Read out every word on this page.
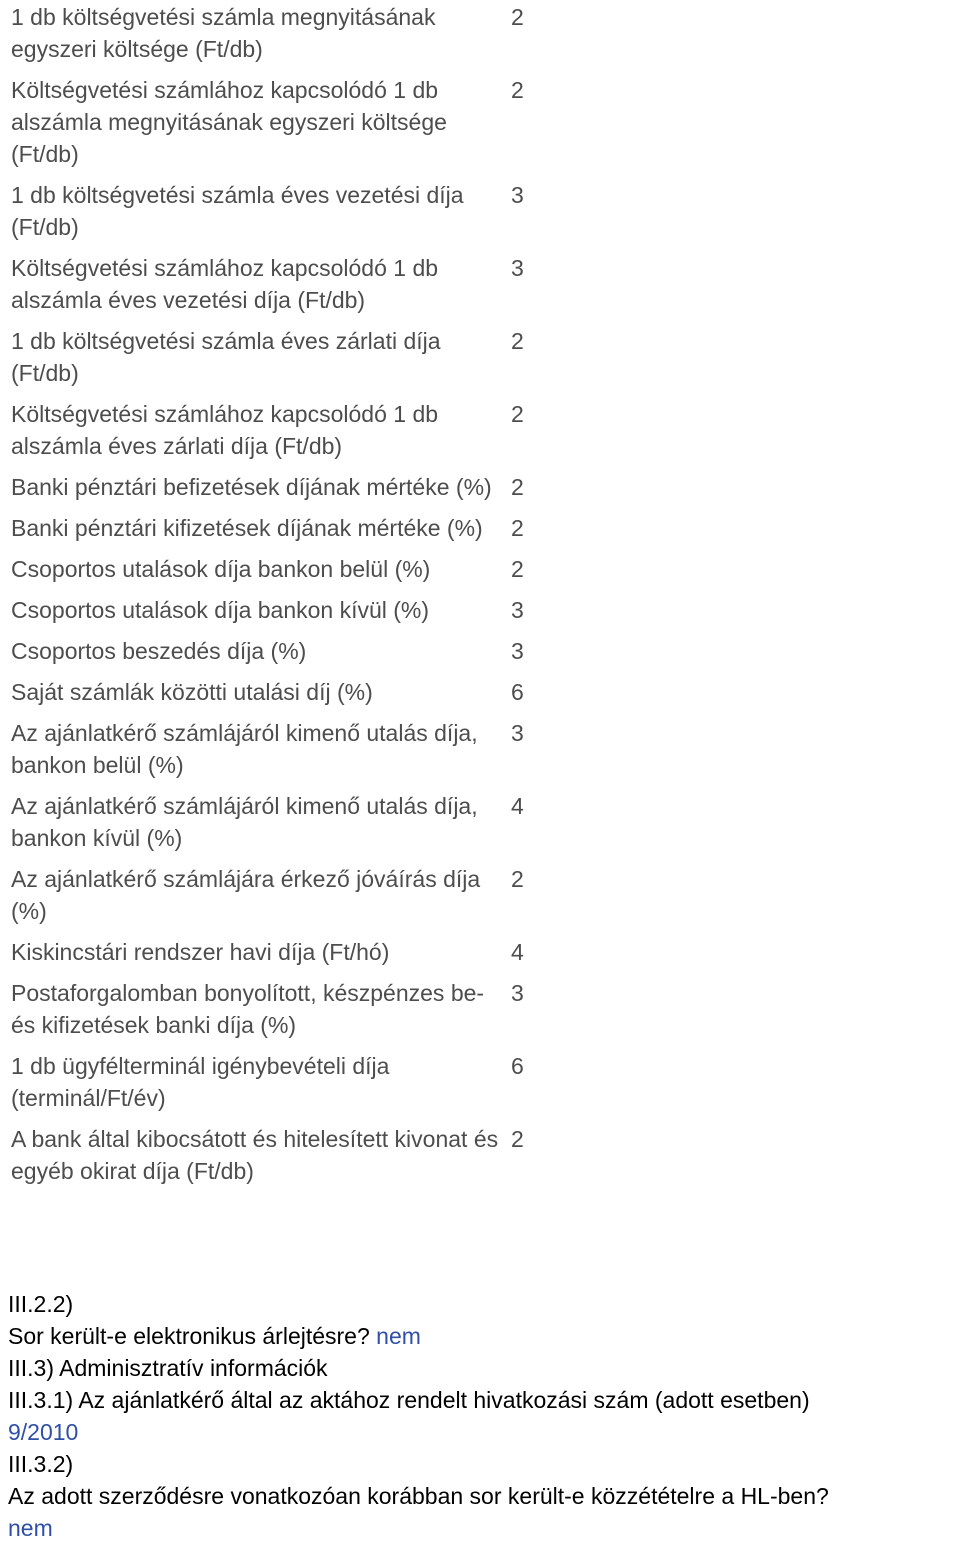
1 db költségvetési számla megnyitásának egyszeri költsége (Ft/db)	2
Költségvetési számlához kapcsolódó 1 db alszámla megnyitásának egyszeri költsége (Ft/db)	2
1 db költségvetési számla éves vezetési díja (Ft/db)	3
Költségvetési számlához kapcsolódó 1 db alszámla éves vezetési díja (Ft/db)	3
1 db költségvetési számla éves zárlati díja (Ft/db)	2
Költségvetési számlához kapcsolódó 1 db alszámla éves zárlati díja (Ft/db)	2
Banki pénztári befizetések díjának mértéke (%)	2
Banki pénztári kifizetések díjának mértéke (%)	2
Csoportos utalások díja bankon belül (%)	2
Csoportos utalások díja bankon kívül (%)	3
Csoportos beszedés díja (%)	3
Saját számlák közötti utalási díj (%)	6
Az ajánlatkérő számlájáról kimenő utalás díja, bankon belül (%)	3
Az ajánlatkérő számlájáról kimenő utalás díja, bankon kívül (%)	4
Az ajánlatkérő számlájára érkező jóváírás díja (%)	2
Kiskincstári rendszer havi díja (Ft/hó)	4
Postaforgalomban bonyolított, készpénzes be- és kifizetések banki díja (%)	3
1 db ügyfélterminál igénybevételi díja (terminál/Ft/év)	6
A bank által kibocsátott és hitelesített kivonat és egyéb okirat díja (Ft/db)	2
III.2.2)
Sor került-e elektronikus árlejtésre? nem
III.3) Adminisztratív információk
III.3.1) Az ajánlatkérő által az aktához rendelt hivatkozási szám (adott esetben)
9/2010
III.3.2)
Az adott szerződésre vonatkozóan korábban sor került-e közzétételre a HL-ben?
nem
